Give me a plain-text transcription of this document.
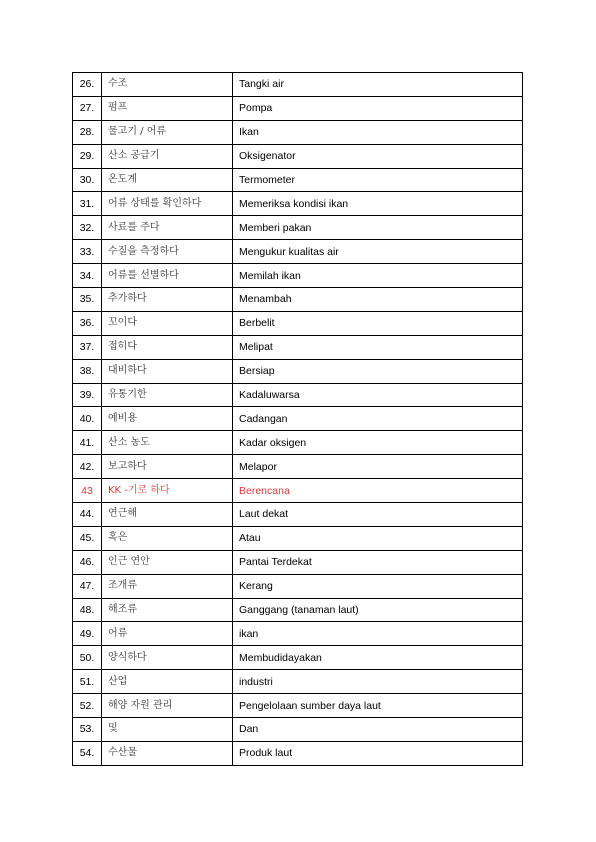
26.	수조	Tangki air
27.	펌프	Pompa
28.	물고기 / 어류	Ikan
29.	산소 공급기	Oksigenator
30.	온도계	Termometer
31.	어류 상태를 확인하다	Memeriksa kondisi ikan
32.	사료를 주다	Memberi pakan
33.	수질을 측정하다	Mengukur kualitas air
34.	어류를 선별하다	Memilah ikan
35.	추가하다	Menambah
36.	꼬이다	Berbelit
37.	접히다	Melipat
38.	대비하다	Bersiap
39.	유통기한	Kadaluwarsa
40.	예비용	Cadangan
41.	산소 농도	Kadar oksigen
42.	보고하다	Melapor
43	KK -기로 하다	Berencana
44.	연근해	Laut dekat
45.	혹은	Atau
46.	인근 연안	Pantai Terdekat
47.	조개류	Kerang
48.	해조류	Ganggang (tanaman laut)
49.	어류	ikan
50.	양식하다	Membudidayakan
51.	산업	industri
52.	해양 자원 관리	Pengelolaan sumber daya laut
53.	및	Dan
54.	수산물	Produk laut
